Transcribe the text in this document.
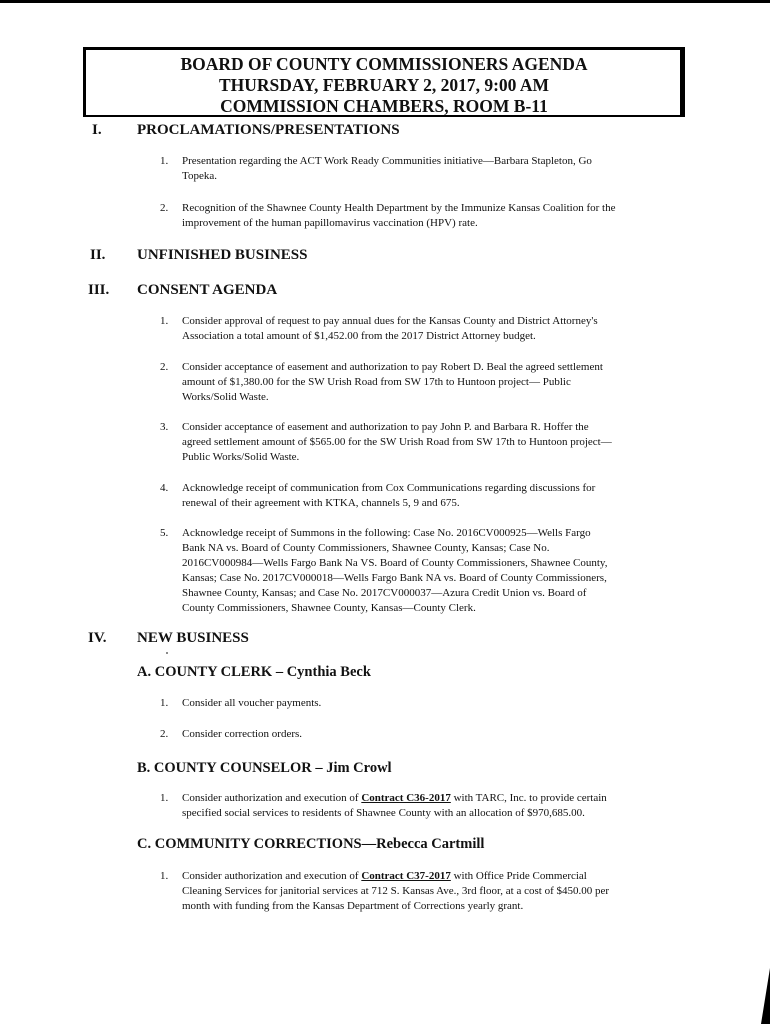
BOARD OF COUNTY COMMISSIONERS AGENDA
THURSDAY, FEBRUARY 2, 2017, 9:00 AM
COMMISSION CHAMBERS, ROOM B-11
I. PROCLAMATIONS/PRESENTATIONS
1. Presentation regarding the ACT Work Ready Communities initiative—Barbara Stapleton, Go
Topeka.
2. Recognition of the Shawnee County Health Department by the Immunize Kansas Coalition for the
improvement of the human papillomavirus vaccination (HPV) rate.
II. UNFINISHED BUSINESS
III. CONSENT AGENDA
1. Consider approval of request to pay annual dues for the Kansas County and District Attorney's
Association a total amount of $1,452.00 from the 2017 District Attorney budget.
2. Consider acceptance of easement and authorization to pay Robert D. Beal the agreed settlement
amount of $1,380.00 for the SW Urish Road from SW 17th to Huntoon project— Public
Works/Solid Waste.
3. Consider acceptance of easement and authorization to pay John P. and Barbara R. Hoffer the
agreed settlement amount of $565.00 for the SW Urish Road from SW 17th to Huntoon project—
Public Works/Solid Waste.
4. Acknowledge receipt of communication from Cox Communications regarding discussions for
renewal of their agreement with KTKA, channels 5, 9 and 675.
5. Acknowledge receipt of Summons in the following: Case No. 2016CV000925—Wells Fargo
Bank NA vs. Board of County Commissioners, Shawnee County, Kansas; Case No.
2016CV000984—Wells Fargo Bank Na VS. Board of County Commissioners, Shawnee County,
Kansas; Case No. 2017CV000018—Wells Fargo Bank NA vs. Board of County Commissioners,
Shawnee County, Kansas; and Case No. 2017CV000037—Azura Credit Union vs. Board of
County Commissioners, Shawnee County, Kansas—County Clerk.
IV. NEW BUSINESS
A. COUNTY CLERK – Cynthia Beck
1. Consider all voucher payments.
2. Consider correction orders.
B. COUNTY COUNSELOR – Jim Crowl
1. Consider authorization and execution of Contract C36-2017 with TARC, Inc. to provide certain
specified social services to residents of Shawnee County with an allocation of $970,685.00.
C. COMMUNITY CORRECTIONS—Rebecca Cartmill
1. Consider authorization and execution of Contract C37-2017 with Office Pride Commercial
Cleaning Services for janitorial services at 712 S. Kansas Ave., 3rd floor, at a cost of $450.00 per
month with funding from the Kansas Department of Corrections yearly grant.
